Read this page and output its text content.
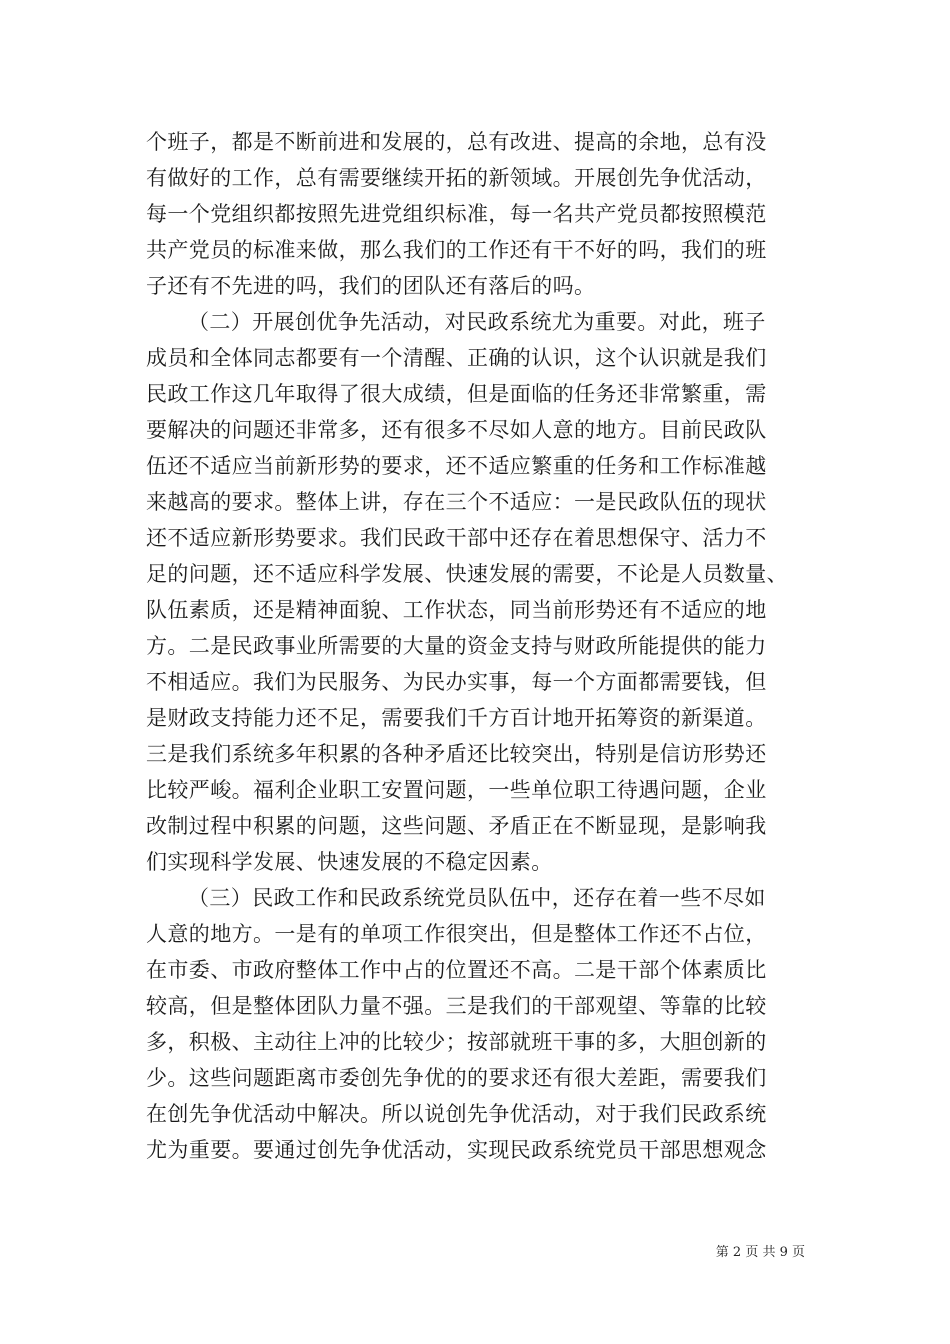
个班子，都是不断前进和发展的，总有改进、提高的余地，总有没
有做好的工作，总有需要继续开拓的新领域。开展创先争优活动，
每一个党组织都按照先进党组织标准，每一名共产党员都按照模范
共产党员的标准来做，那么我们的工作还有干不好的吗，我们的班
子还有不先进的吗，我们的团队还有落后的吗。
（二）开展创优争先活动，对民政系统尤为重要。对此，班子
成员和全体同志都要有一个清醒、正确的认识，这个认识就是我们
民政工作这几年取得了很大成绩，但是面临的任务还非常繁重，需
要解决的问题还非常多，还有很多不尽如人意的地方。目前民政队
伍还不适应当前新形势的要求，还不适应繁重的任务和工作标准越
来越高的要求。整体上讲，存在三个不适应：一是民政队伍的现状
还不适应新形势要求。我们民政干部中还存在着思想保守、活力不
足的问题，还不适应科学发展、快速发展的需要，不论是人员数量、
队伍素质，还是精神面貌、工作状态，同当前形势还有不适应的地
方。二是民政事业所需要的大量的资金支持与财政所能提供的能力
不相适应。我们为民服务、为民办实事，每一个方面都需要钱，但
是财政支持能力还不足，需要我们千方百计地开拓筹资的新渠道。
三是我们系统多年积累的各种矛盾还比较突出，特别是信访形势还
比较严峻。福利企业职工安置问题，一些单位职工待遇问题，企业
改制过程中积累的问题，这些问题、矛盾正在不断显现，是影响我
们实现科学发展、快速发展的不稳定因素。
（三）民政工作和民政系统党员队伍中，还存在着一些不尽如
人意的地方。一是有的单项工作很突出，但是整体工作还不占位，
在市委、市政府整体工作中占的位置还不高。二是干部个体素质比
较高，但是整体团队力量不强。三是我们的干部观望、等靠的比较
多，积极、主动往上冲的比较少；按部就班干事的多，大胆创新的
少。这些问题距离市委创先争优的的要求还有很大差距，需要我们
在创先争优活动中解决。所以说创先争优活动，对于我们民政系统
尤为重要。要通过创先争优活动，实现民政系统党员干部思想观念
第 2 页 共 9 页
